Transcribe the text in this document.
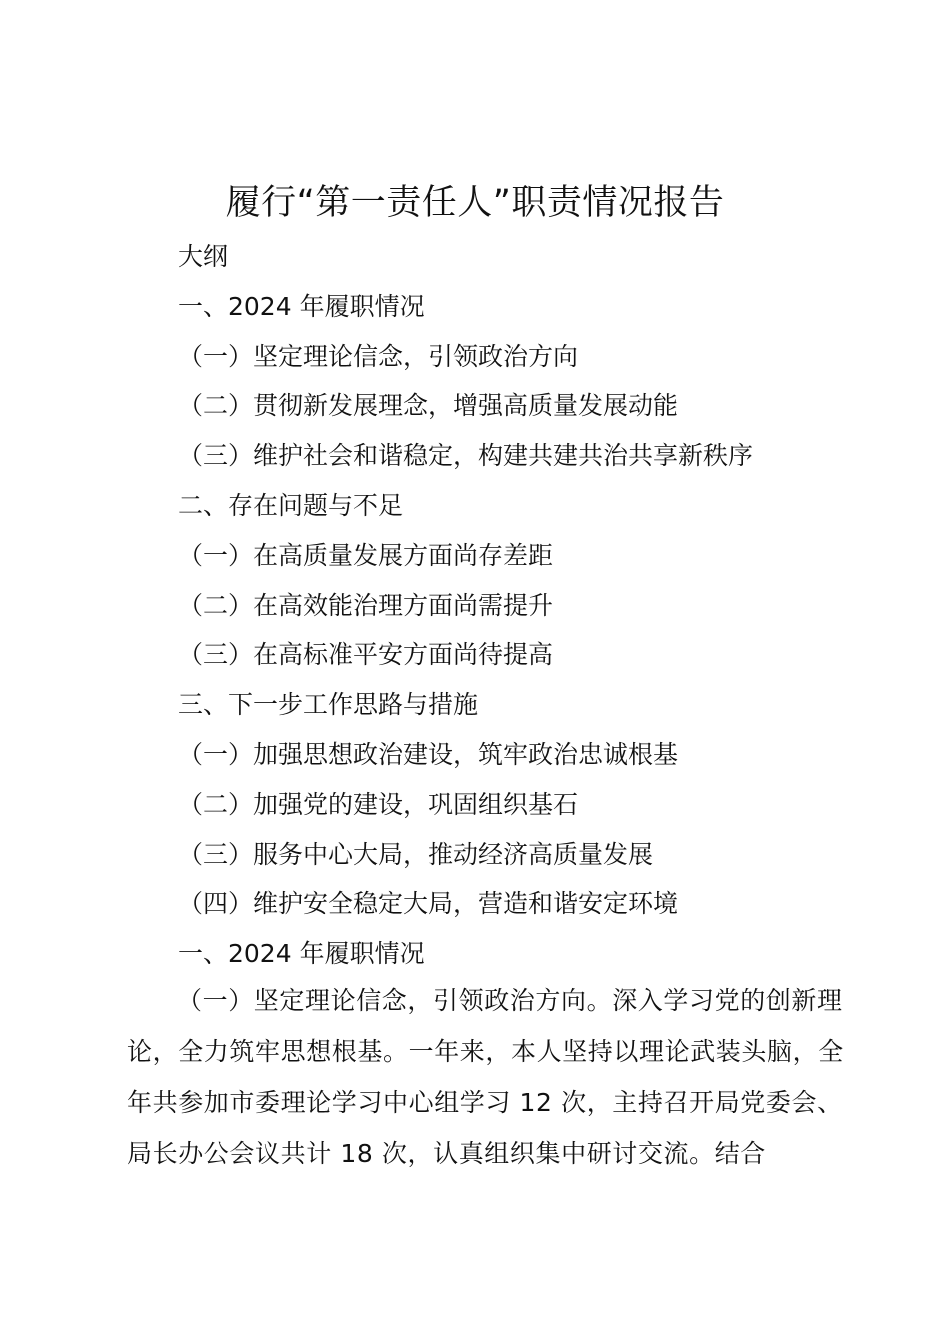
履行“第一责任人”职责情况报告
大纲
一、2024 年履职情况
（一）坚定理论信念，引领政治方向
（二）贯彻新发展理念，增强高质量发展动能
（三）维护社会和谐稳定，构建共建共治共享新秩序
二、存在问题与不足
（一）在高质量发展方面尚存差距
（二）在高效能治理方面尚需提升
（三）在高标准平安方面尚待提高
三、下一步工作思路与措施
（一）加强思想政治建设，筑牢政治忠诚根基
（二）加强党的建设，巩固组织基石
（三）服务中心大局，推动经济高质量发展
（四）维护安全稳定大局，营造和谐安定环境
一、2024 年履职情况

（一）坚定理论信念，引领政治方向。深入学习党的创新理论，全力筑牢思想根基。一年来，本人坚持以理论武装头脑，全年共参加市委理论学习中心组学习 12 次，主持召开局党委会、局长办公会议共计 18 次，认真组织集中研讨交流。结合
